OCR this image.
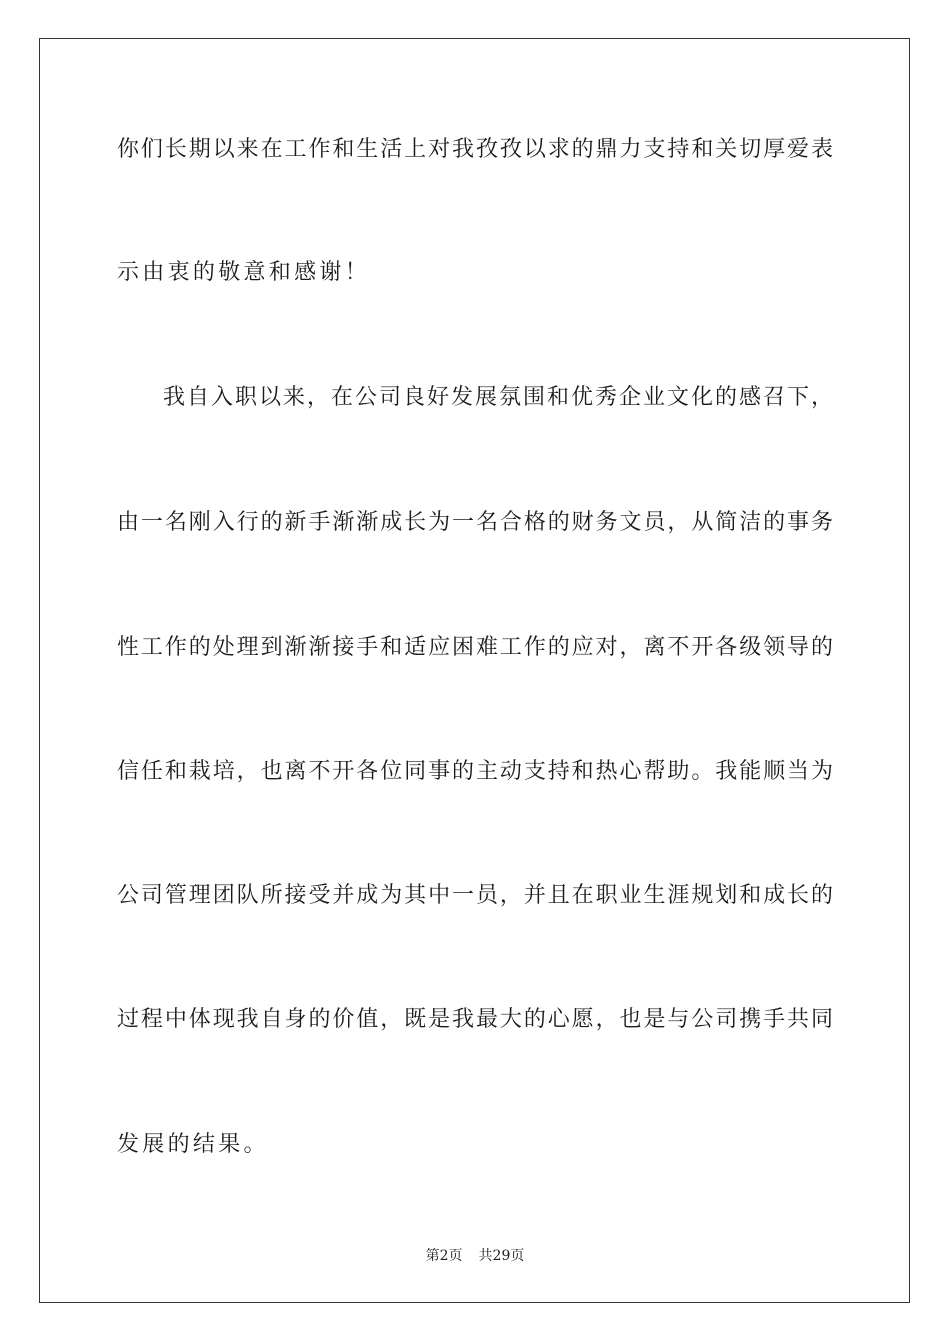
你们长期以来在工作和生活上对我孜孜以求的鼎力支持和关切厚爱表
示由衷的敬意和感谢！
我自入职以来，在公司良好发展氛围和优秀企业文化的感召下，
由一名刚入行的新手渐渐成长为一名合格的财务文员，从简洁的事务
性工作的处理到渐渐接手和适应困难工作的应对，离不开各级领导的
信任和栽培，也离不开各位同事的主动支持和热心帮助。我能顺当为
公司管理团队所接受并成为其中一员，并且在职业生涯规划和成长的
过程中体现我自身的价值，既是我最大的心愿，也是与公司携手共同
发展的结果。
第2页 共29页
